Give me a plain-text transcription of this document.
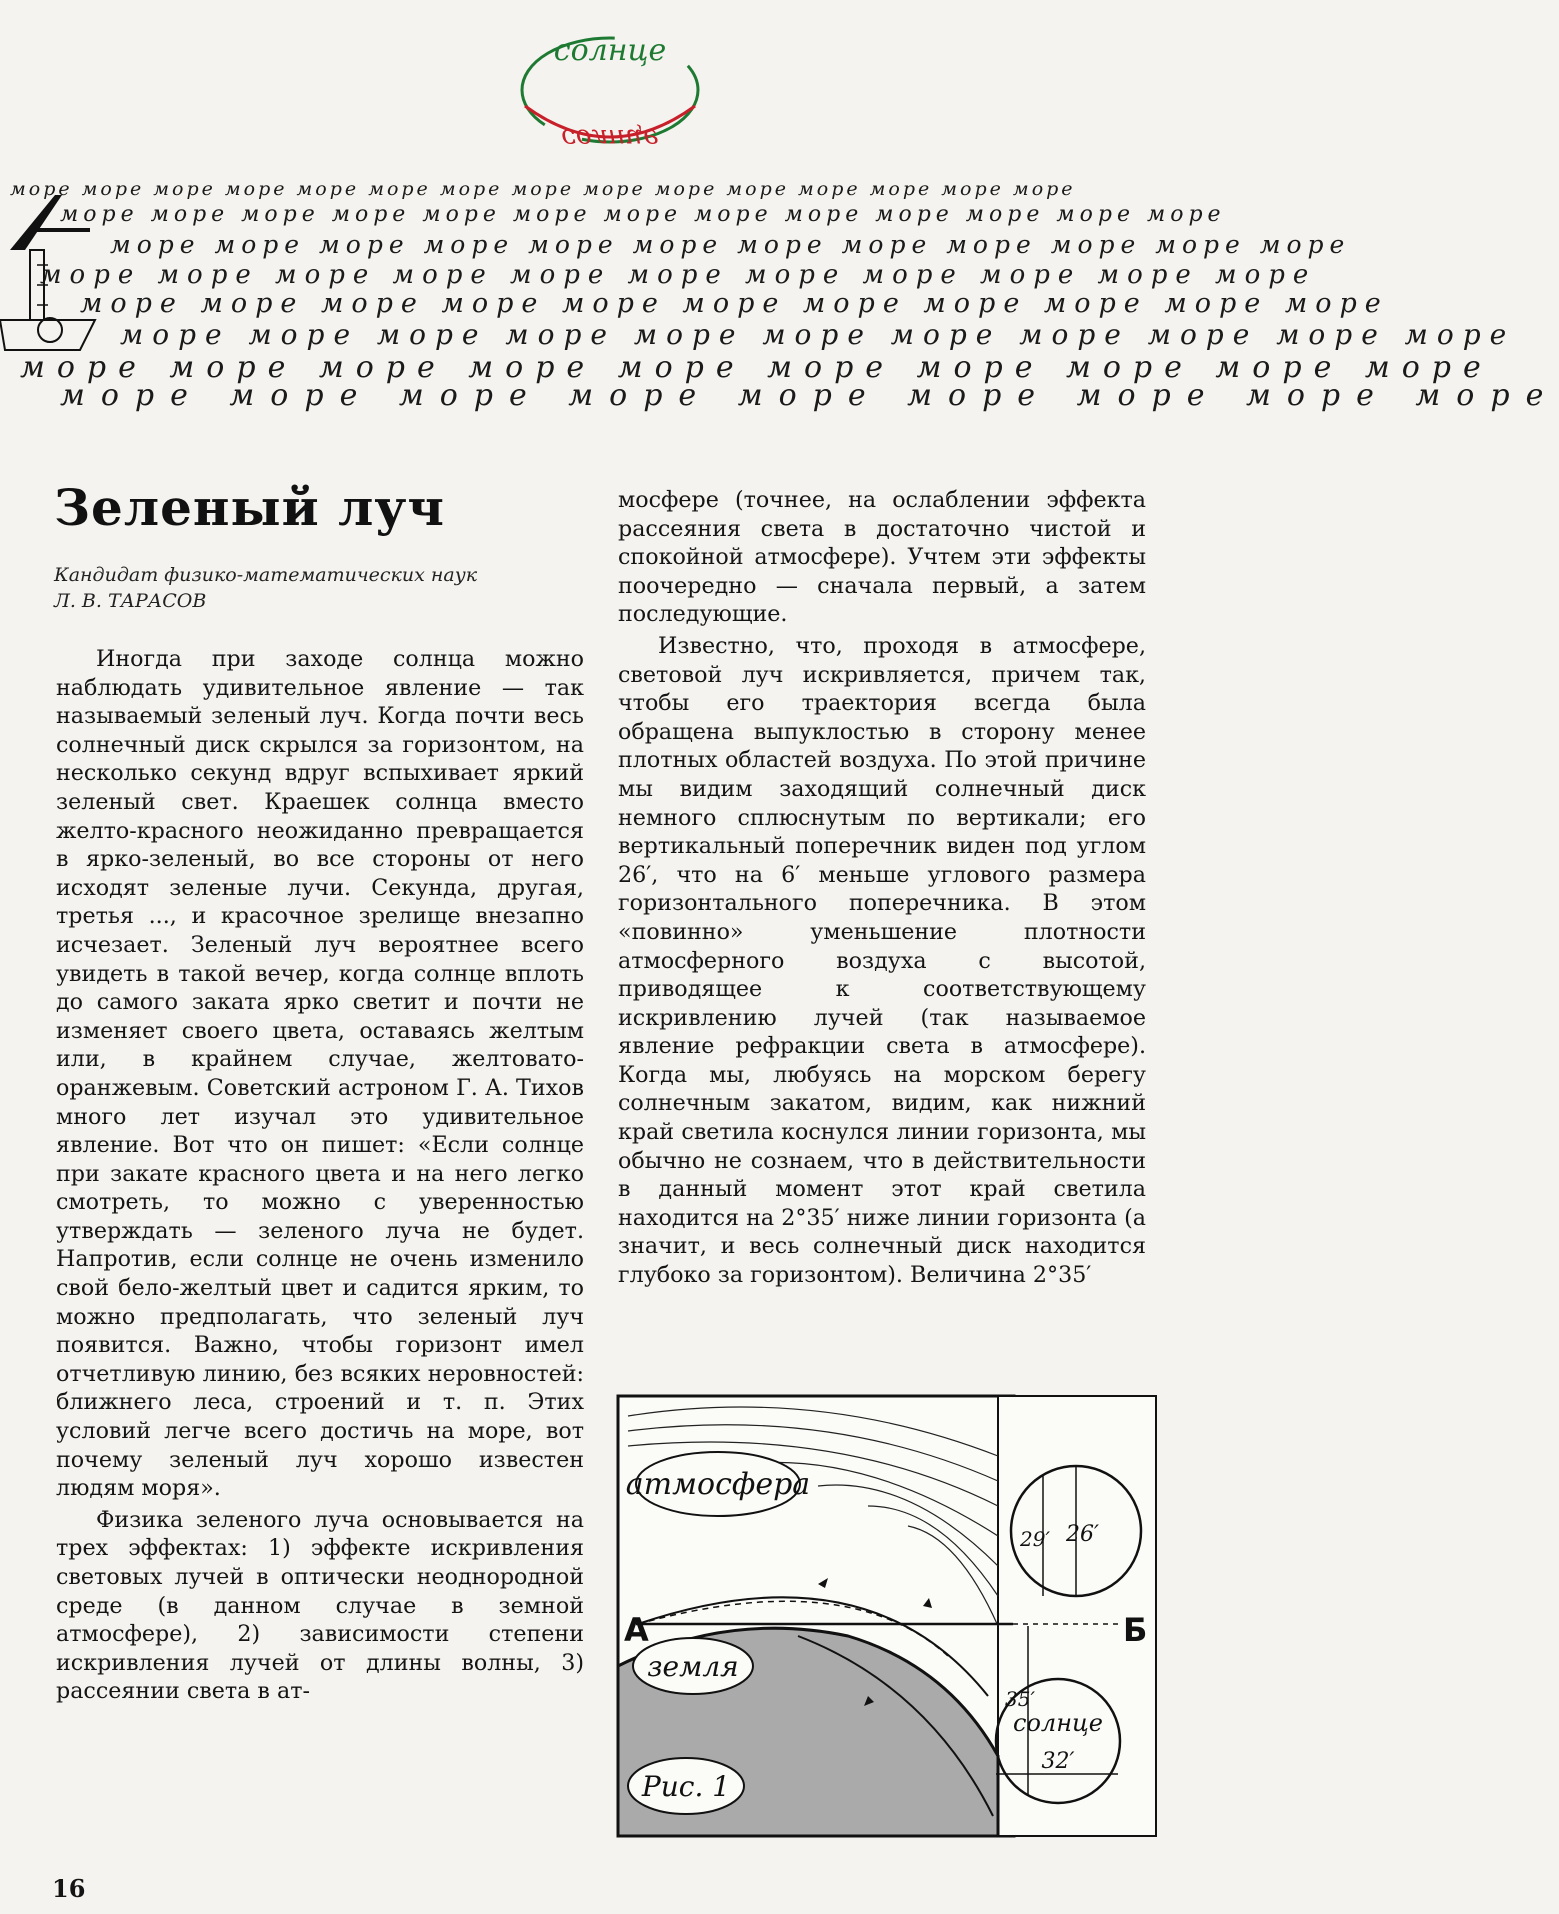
солнце
солнце
море море море море море море море море море море море море море море море
море море море море море море море море море море море море море
море море море море море море море море море море море море
море море море море море море море море море море море
море море море море море море море море море море море
море море море море море море море море море море море
море море море море море море море море море море
море море море море море море море море море
Зеленый луч
Кандидат физико-математических наук
Л. В. ТАРАСОВ

Иногда при заходе солнца можно наблюдать удивительное явление — так называемый зеленый луч. Когда почти весь солнечный диск скрылся за горизонтом, на несколько секунд вдруг вспыхивает яркий зеленый свет. Краешек солнца вместо желто-красного неожиданно превращается в ярко-зеленый, во все стороны от него исходят зеленые лучи. Секунда, другая, третья ..., и красочное зрелище внезапно исчезает. Зеленый луч вероятнее всего увидеть в такой вечер, когда солнце вплоть до самого заката ярко светит и почти не изменяет своего цвета, оставаясь желтым или, в крайнем случае, желтовато-оранжевым. Советский астроном Г. А. Тихов много лет изучал это удивительное явление. Вот что он пишет: «Если солнце при закате красного цвета и на него легко смотреть, то можно с уверенностью утверждать — зеленого луча не будет. Напротив, если солнце не очень изменило свой бело-желтый цвет и садится ярким, то можно предполагать, что зеленый луч появится. Важно, чтобы горизонт имел отчетливую линию, без всяких неровностей: ближнего леса, строений и т. п. Этих условий легче всего достичь на море, вот почему зеленый луч хорошо известен людям моря».

Физика зеленого луча основывается на трех эффектах: 1) эффекте искривления световых лучей в оптически неоднородной среде (в данном случае в земной атмосфере), 2) зависимости степени искривления лучей от длины волны, 3) рассеянии света в ат-

мосфере (точнее, на ослаблении эффекта рассеяния света в достаточно чистой и спокойной атмосфере). Учтем эти эффекты поочередно — сначала первый, а затем последующие.

Известно, что, проходя в атмосфере, световой луч искривляется, причем так, чтобы его траектория всегда была обращена выпуклостью в сторону менее плотных областей воздуха. По этой причине мы видим заходящий солнечный диск немного сплюснутым по вертикали; его вертикальный поперечник виден под углом 26′, что на 6′ меньше углового размера горизонтального поперечника. В этом «повинно» уменьшение плотности атмосферного воздуха с высотой, приводящее к соответствующему искривлению лучей (так называемое явление рефракции света в атмосфере). Когда мы, любуясь на морском берегу солнечным закатом, видим, как нижний край светила коснулся линии горизонта, мы обычно не сознаем, что в действительности в данный момент этот край светила находится на 2°35′ ниже линии горизонта (а значит, и весь солнечный диск находится глубоко за горизонтом). Величина 2°35′

атмосфера
земля
Рис. 1
солнце
26′
29′
35′
32′
А	Б
16
